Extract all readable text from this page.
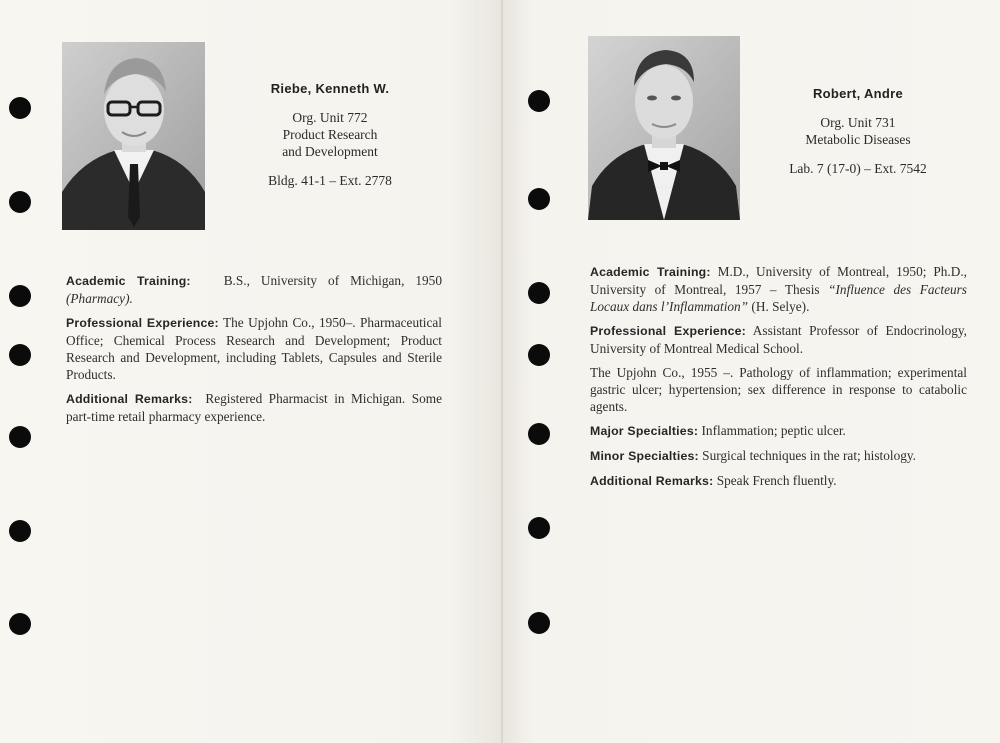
Riebe, Kenneth W.
Org. Unit 772
Product Research
and Development
Bldg. 41-1 – Ext. 2778

Academic Training: B.S., University of Michigan, 1950 (Pharmacy).

Professional Experience: The Upjohn Co., 1950–. Pharmaceutical Office; Chemical Process Research and Development; Product Research and Development, including Tablets, Capsules and Sterile Products.

Additional Remarks: Registered Pharmacist in Michigan. Some part-time retail pharmacy experience.

Robert, Andre
Org. Unit 731
Metabolic Diseases
Lab. 7 (17-0) – Ext. 7542

Academic Training: M.D., University of Montreal, 1950; Ph.D., University of Montreal, 1957 – Thesis “Influence des Facteurs Locaux dans l’Inflammation” (H. Selye).

Professional Experience: Assistant Professor of Endocrinology, University of Montreal Medical School.

The Upjohn Co., 1955 –. Pathology of inflammation; experimental gastric ulcer; hypertension; sex difference in response to catabolic agents.

Major Specialties: Inflammation; peptic ulcer.

Minor Specialties: Surgical techniques in the rat; histology.

Additional Remarks: Speak French fluently.
